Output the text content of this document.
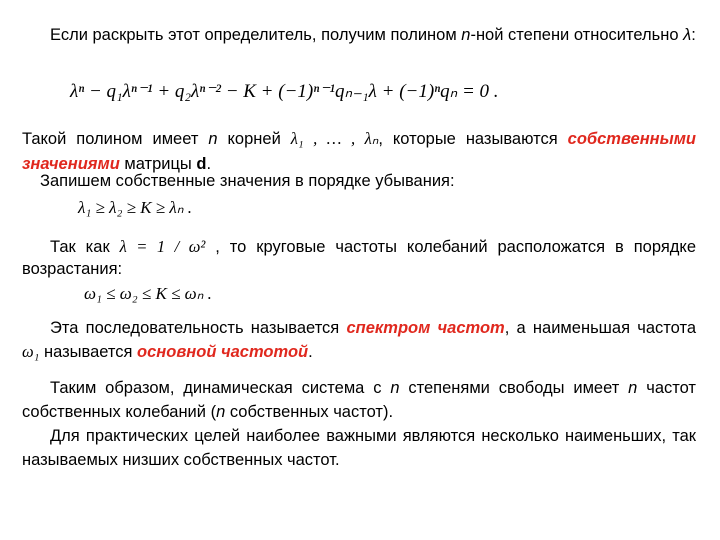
Если раскрыть этот определитель, получим полином n-ной степени относительно λ:
λⁿ − q₁λⁿ⁻¹ + q₂λⁿ⁻² − K + (−1)ⁿ⁻¹qₙ₋₁λ + (−1)ⁿqₙ = 0 .
Такой полином имеет n корней λ₁ , … , λₙ, которые называются собственными значениями матрицы d.
Запишем собственные значения в порядке убывания:
λ₁ ≥ λ₂ ≥ K ≥ λₙ .
Так как λ = 1 / ω² , то круговые частоты колебаний расположатся в порядке возрастания:
ω₁ ≤ ω₂ ≤ K ≤ ωₙ .
Эта последовательность называется спектром частот, а наименьшая частота ω₁ называется основной частотой.
Таким образом, динамическая система с n степенями свободы имеет n частот собственных колебаний (n собственных частот).
Для практических целей наиболее важными являются несколько наименьших, так называемых низших собственных частот.
